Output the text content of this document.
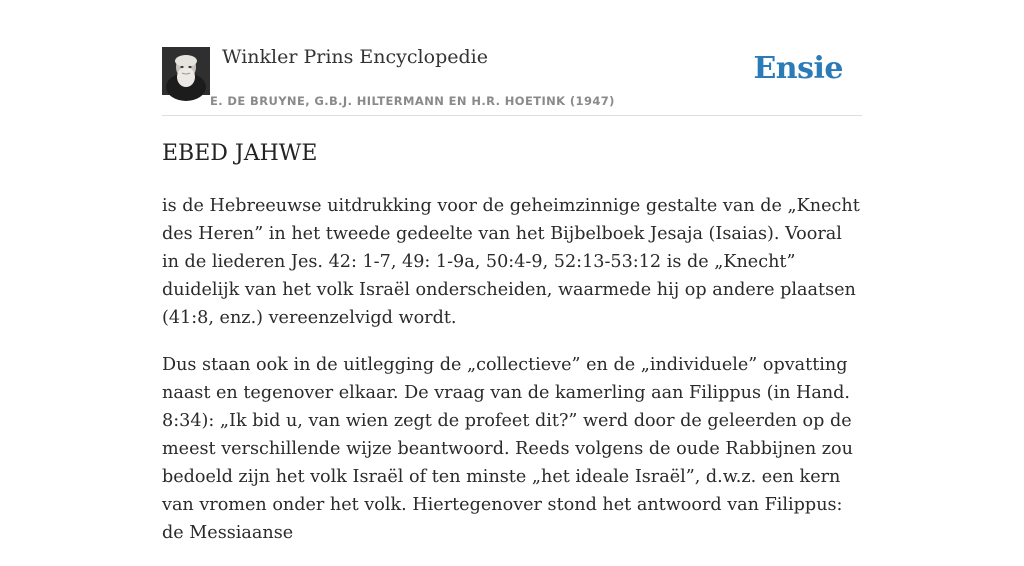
Winkler Prins Encyclopedie
E. DE BRUYNE, G.B.J. HILTERMANN EN H.R. HOETINK (1947)
Ensie
EBED JAHWE

is de Hebreeuwse uitdrukking voor de geheimzinnige gestalte van de „Knecht des Heren” in het tweede gedeelte van het Bijbelboek Jesaja (Isaias). Vooral in de liederen Jes. 42: 1-7, 49: 1-9a, 50:4-9, 52:13-53:12 is de „Knecht” duidelijk van het volk Israël onderscheiden, waarmede hij op andere plaatsen (41:8, enz.) vereenzelvigd wordt.

Dus staan ook in de uitlegging de „collectieve” en de „individuele” opvatting naast en tegenover elkaar. De vraag van de kamerling aan Filippus (in Hand. 8:34): „Ik bid u, van wien zegt de profeet dit?” werd door de geleerden op de meest verschillende wijze beantwoord. Reeds volgens de oude Rabbijnen zou bedoeld zijn het volk Israël of ten minste „het ideale Israël”, d.w.z. een kern van vromen onder het volk. Hiertegenover stond het antwoord van Filippus: de Messiaanse
